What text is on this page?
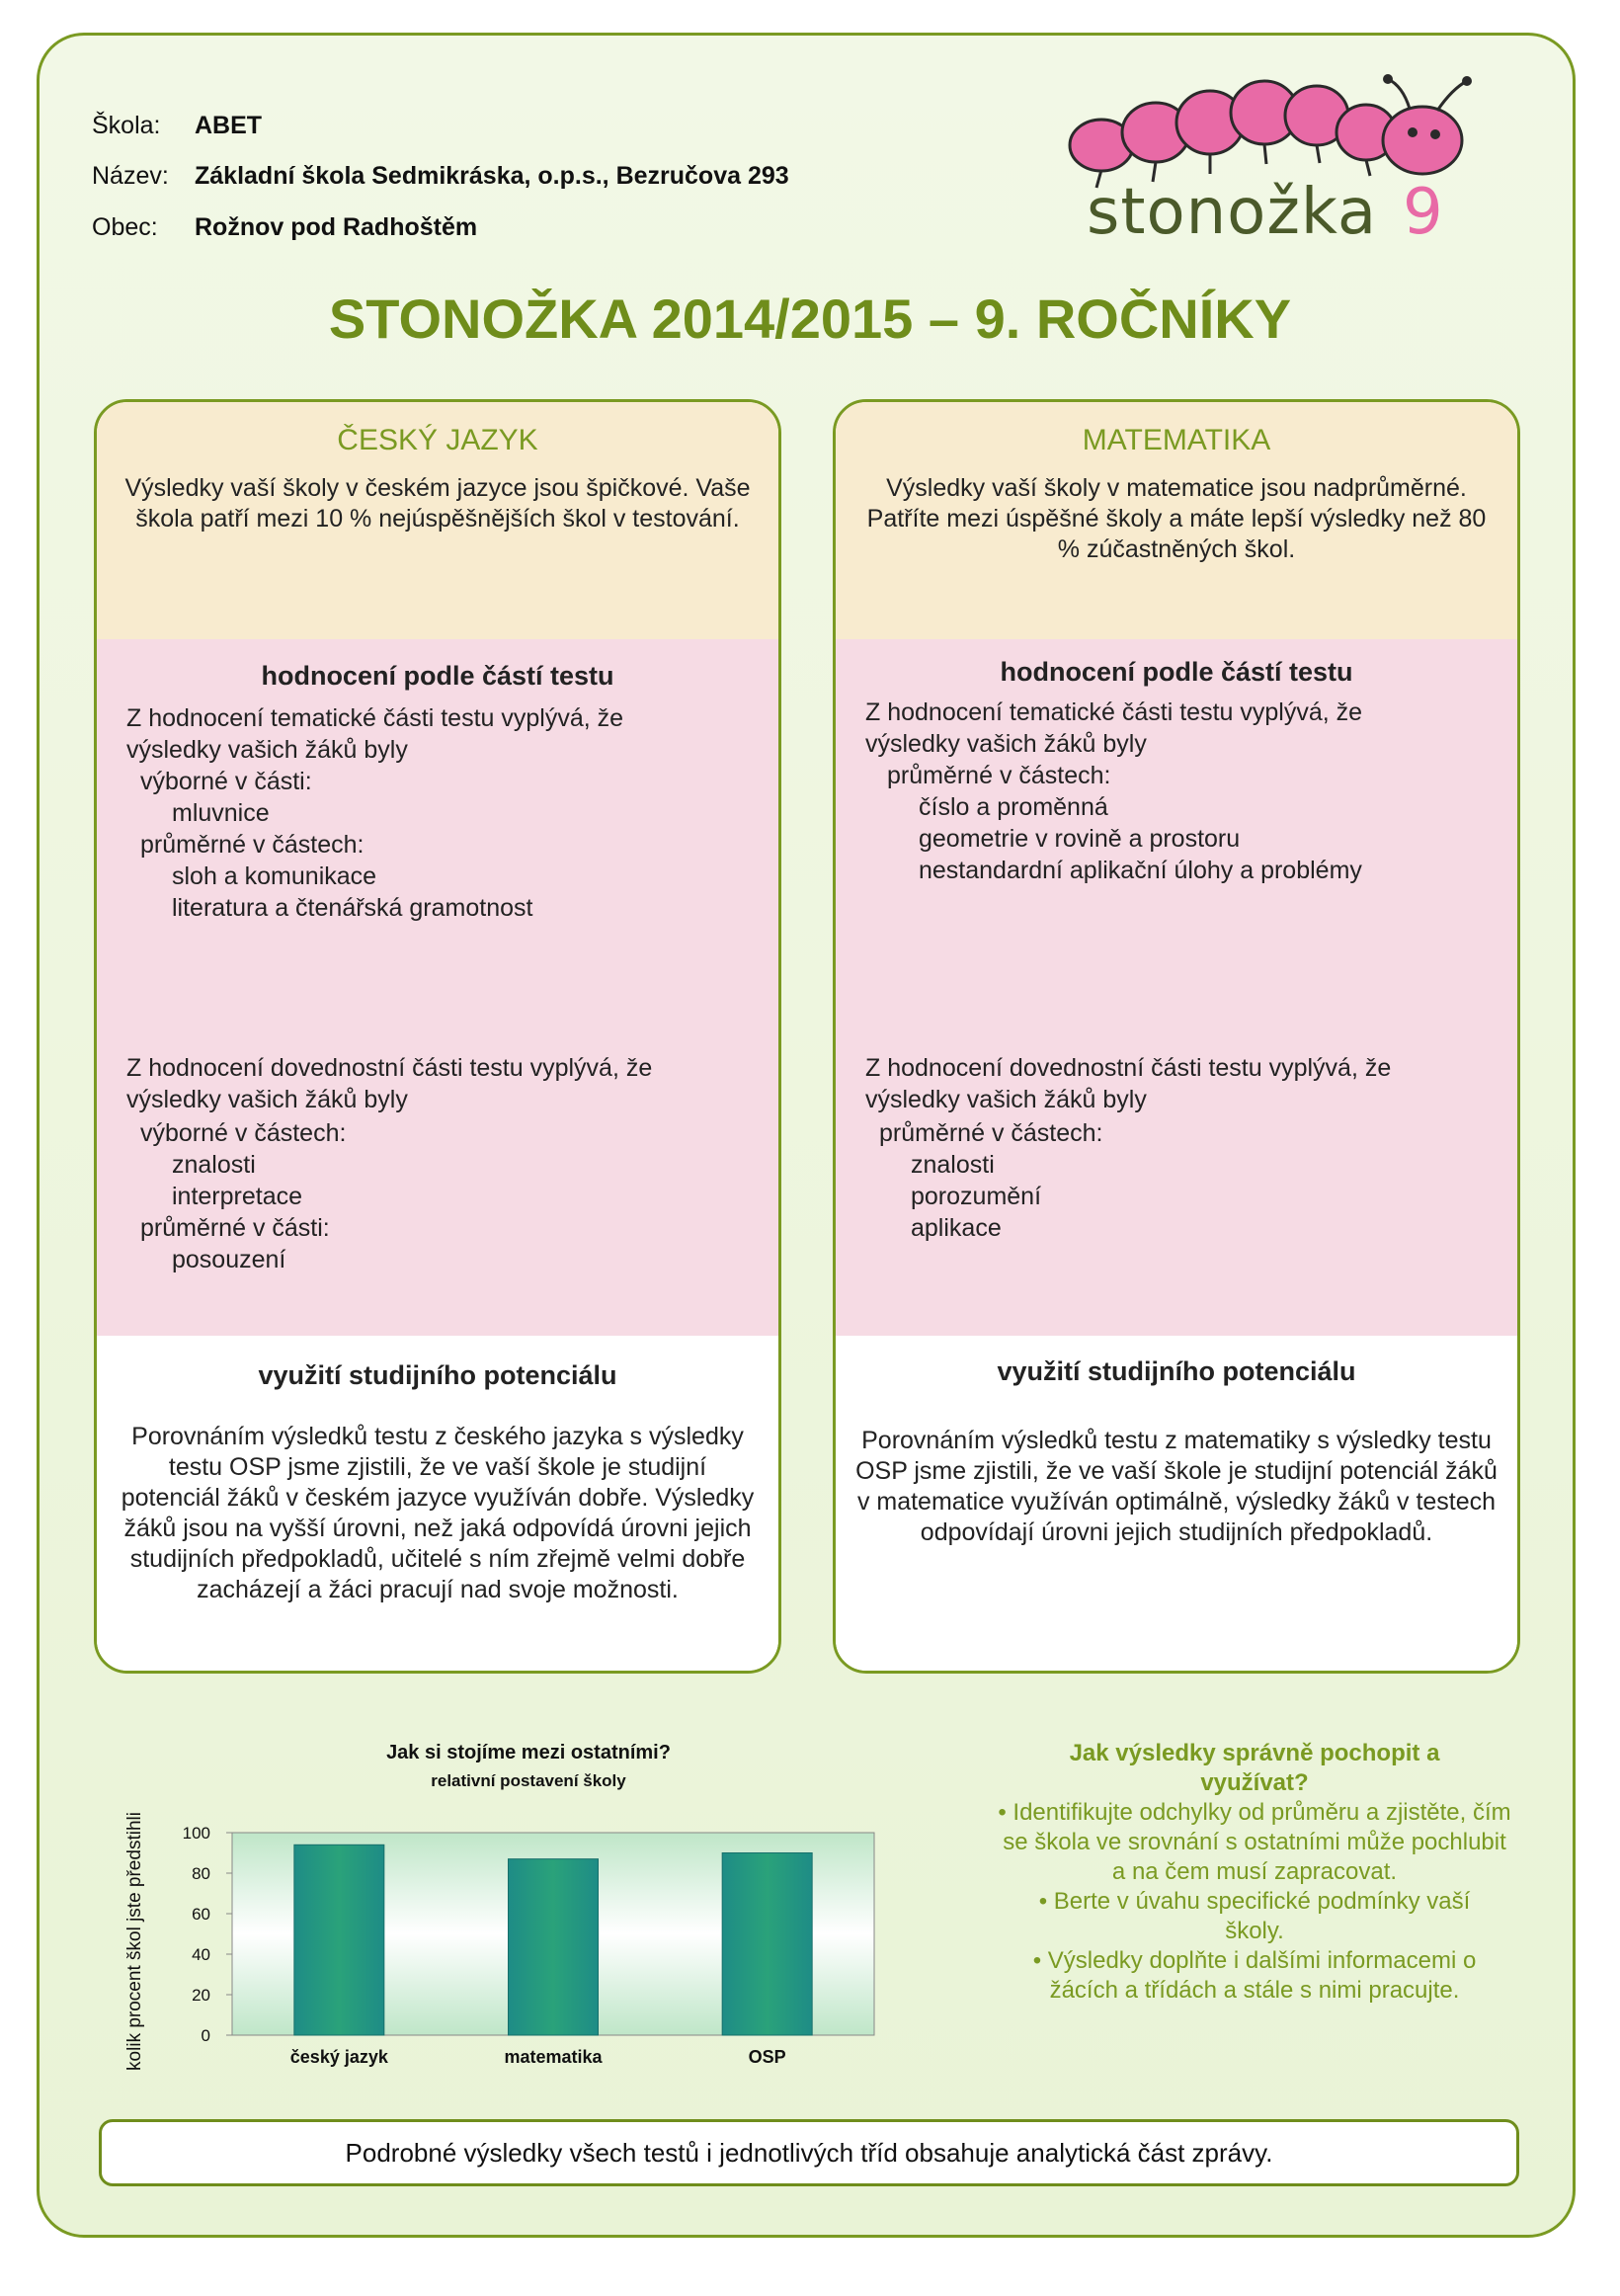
Škola: ABET
Název: Základní škola Sedmikráska, o.p.s., Bezručova 293
Obec: Rožnov pod Radhoštěm	stonožka 9
STONOŽKA 2014/2015 – 9. ROČNÍKY
ČESKÝ JAZYK
Výsledky vaší školy v českém jazyce jsou špičkové. Vaše škola patří mezi 10 % nejúspěšnějších škol v testování.
hodnocení podle částí testu
Z hodnocení tematické části testu vyplývá, že
výsledky vašich žáků byly
výborné v části:
mluvnice
průměrné v částech:
sloh a komunikace
literatura a čtenářská gramotnost
Z hodnocení dovednostní části testu vyplývá, že
výsledky vašich žáků byly
výborné v částech:
znalosti
interpretace
průměrné v části:
posouzení
využití studijního potenciálu
Porovnáním výsledků testu z českého jazyka s výsledky testu OSP jsme zjistili, že ve vaší škole je studijní potenciál žáků v českém jazyce využíván dobře. Výsledky žáků jsou na vyšší úrovni, než jaká odpovídá úrovni jejich studijních předpokladů, učitelé s ním zřejmě velmi dobře zacházejí a žáci pracují nad svoje možnosti.
MATEMATIKA
Výsledky vaší školy v matematice jsou nadprůměrné. Patříte mezi úspěšné školy a máte lepší výsledky než 80 % zúčastněných škol.
hodnocení podle částí testu
Z hodnocení tematické části testu vyplývá, že
výsledky vašich žáků byly
průměrné v částech:
číslo a proměnná
geometrie v rovině a prostoru
nestandardní aplikační úlohy a problémy
Z hodnocení dovednostní části testu vyplývá, že
výsledky vašich žáků byly
průměrné v částech:
znalosti
porozumění
aplikace
využití studijního potenciálu
Porovnáním výsledků testu z matematiky s výsledky testu OSP jsme zjistili, že ve vaší škole je studijní potenciál žáků v matematice využíván optimálně, výsledky žáků v testech odpovídají úrovni jejich studijních předpokladů.
Jak si stojíme mezi ostatními?
relativní postavení školy
kolik procent škol jste předstihli 100
80
60
40
20
0
český jazyk	matematika	OSP
Jak výsledky správně pochopit a využívat?
• Identifikujte odchylky od průměru a zjistěte, čím se škola ve srovnání s ostatními může pochlubit a na čem musí zapracovat.
• Berte v úvahu specifické podmínky vaší školy.
• Výsledky doplňte i dalšími informacemi o žácích a třídách a stále s nimi pracujte.
Podrobné výsledky všech testů i jednotlivých tříd obsahuje analytická část zprávy.
